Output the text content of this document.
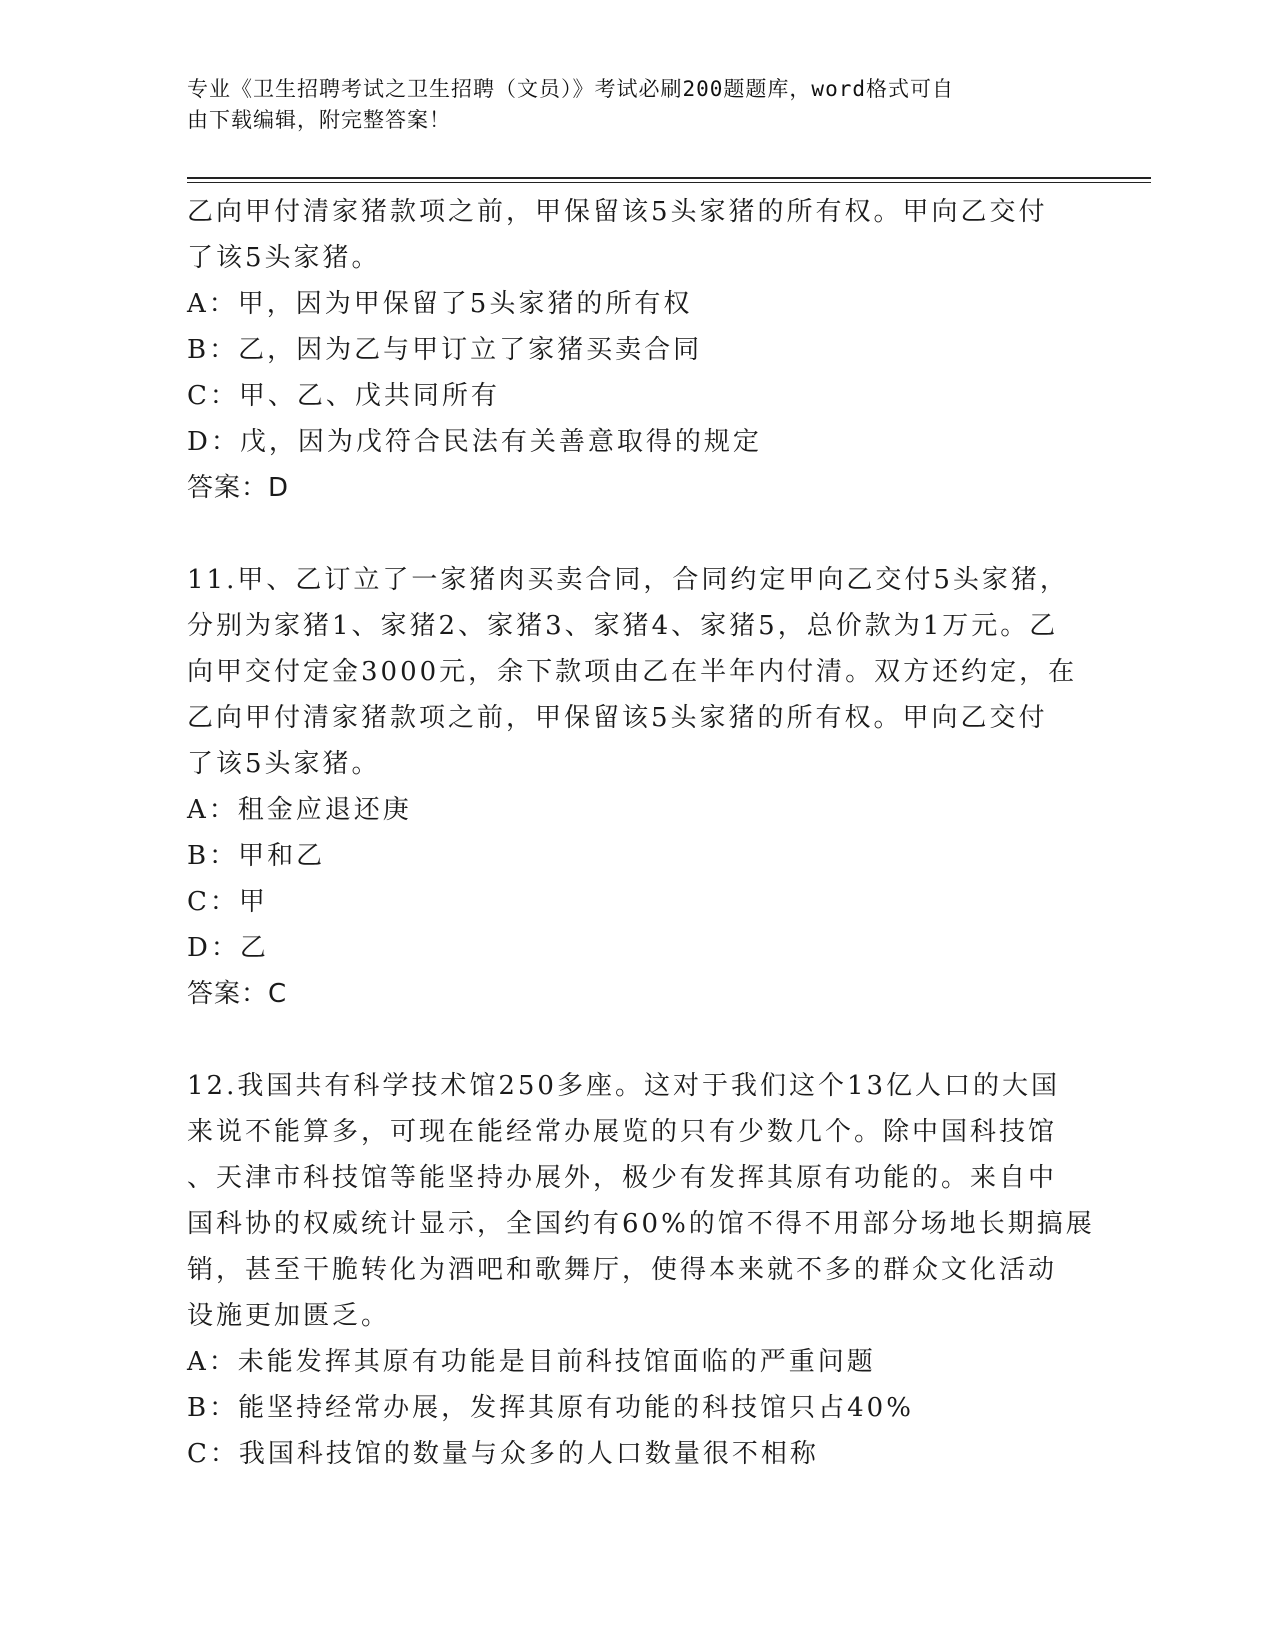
专业《卫生招聘考试之卫生招聘（文员）》考试必刷200题题库，word格式可自
由下载编辑，附完整答案！
乙向甲付清家猪款项之前，甲保留该5头家猪的所有权。甲向乙交付
了该5头家猪。
A：甲，因为甲保留了5头家猪的所有权
B：乙，因为乙与甲订立了家猪买卖合同
C：甲、乙、戊共同所有
D：戊，因为戊符合民法有关善意取得的规定
答案：D
11.甲、乙订立了一家猪肉买卖合同，合同约定甲向乙交付5头家猪，
分别为家猪1、家猪2、家猪3、家猪4、家猪5，总价款为1万元。乙
向甲交付定金3000元，余下款项由乙在半年内付清。双方还约定，在
乙向甲付清家猪款项之前，甲保留该5头家猪的所有权。甲向乙交付
了该5头家猪。
A：租金应退还庚
B：甲和乙
C：甲
D：乙
答案：C
12.我国共有科学技术馆250多座。这对于我们这个13亿人口的大国
来说不能算多，可现在能经常办展览的只有少数几个。除中国科技馆
、天津市科技馆等能坚持办展外，极少有发挥其原有功能的。来自中
国科协的权威统计显示，全国约有60%的馆不得不用部分场地长期搞展
销，甚至干脆转化为酒吧和歌舞厅，使得本来就不多的群众文化活动
设施更加匮乏。
A：未能发挥其原有功能是目前科技馆面临的严重问题
B：能坚持经常办展，发挥其原有功能的科技馆只占40%
C：我国科技馆的数量与众多的人口数量很不相称
